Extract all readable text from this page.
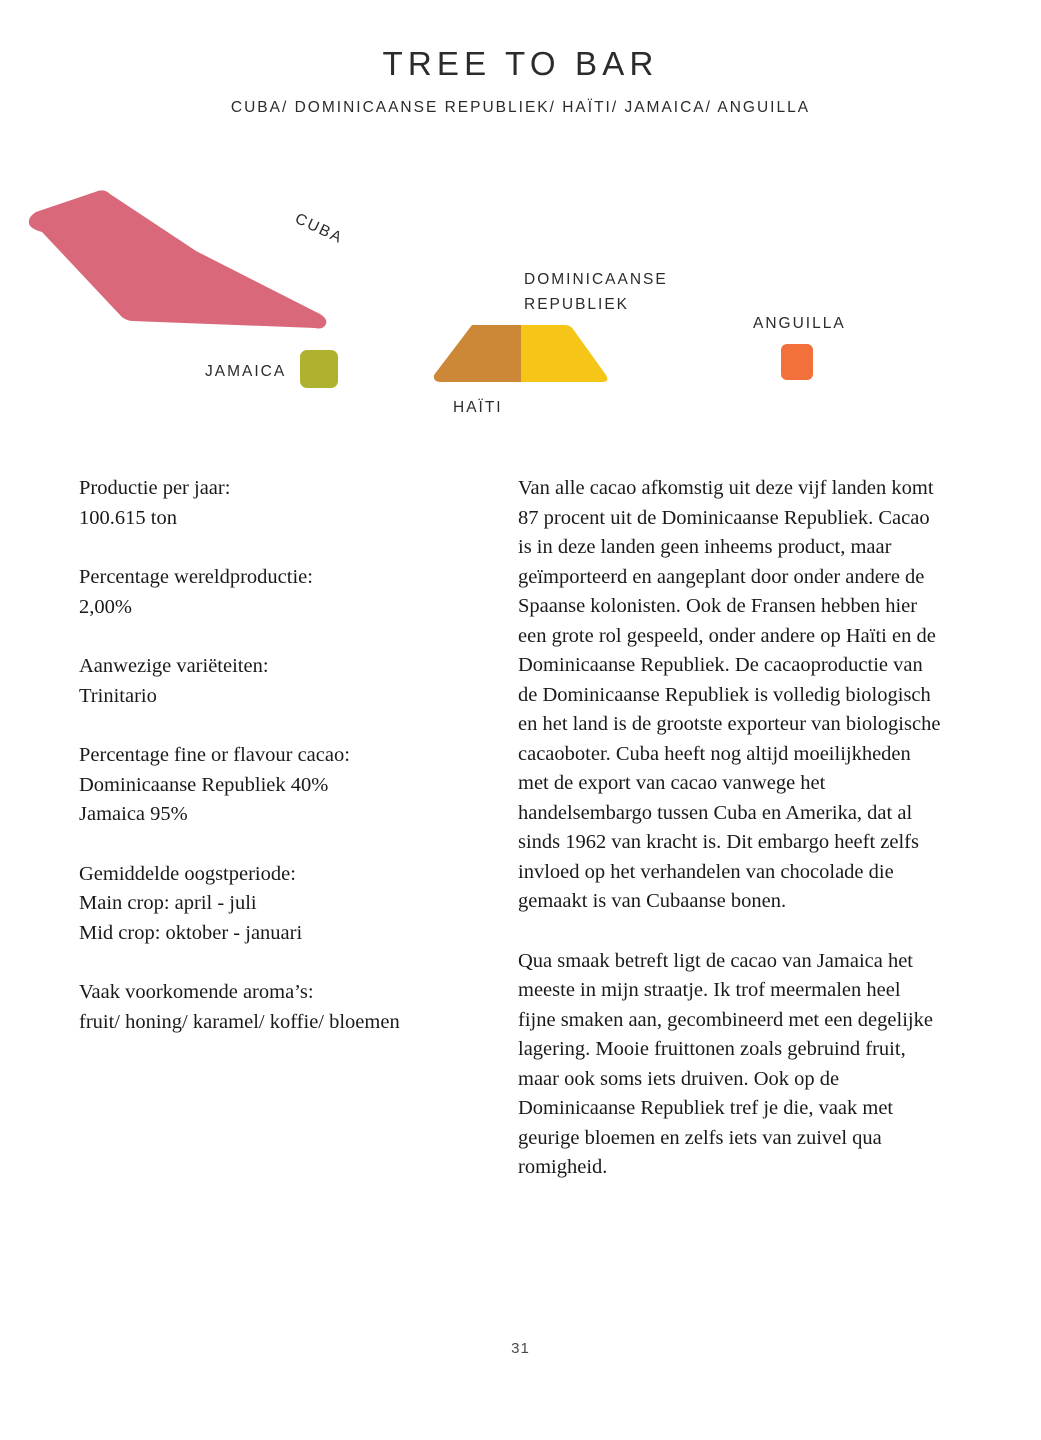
TREE TO BAR
CUBA/ DOMINICAANSE REPUBLIEK/ HAÏTI/ JAMAICA/ ANGUILLA
CUBA
JAMAICA
HAÏTI
DOMINICAANSE
REPUBLIEK
ANGUILLA

Productie per jaar:

100.615 ton

Percentage wereldproductie:

2,00%

Aanwezige variëteiten:

Trinitario

Percentage fine or flavour cacao:

Dominicaanse Republiek 40%

Jamaica 95%

Gemiddelde oogstperiode:

Main crop: april - juli

Mid crop: oktober - januari

Vaak voorkomende aroma’s:

fruit/ honing/ karamel/ koffie/ bloemen

Van alle cacao afkomstig uit deze vijf landen komt 87 procent uit de Dominicaanse Republiek. Cacao is in deze landen geen inheems product, maar geïmporteerd en aangeplant door onder andere de Spaanse kolonisten. Ook de Fransen hebben hier een grote rol gespeeld, onder andere op Haïti en de Dominicaanse Republiek. De cacaoproductie van de Dominicaanse Republiek is volledig biologisch en het land is de grootste exporteur van biologische cacaoboter. Cuba heeft nog altijd moeilijkheden met de export van cacao vanwege het handelsembargo tussen Cuba en Amerika, dat al sinds 1962 van kracht is. Dit embargo heeft zelfs invloed op het verhandelen van chocolade die gemaakt is van Cubaanse bonen.

Qua smaak betreft ligt de cacao van Jamaica het meeste in mijn straatje. Ik trof meermalen heel fijne smaken aan, gecombineerd met een degelijke lagering. Mooie fruittonen zoals gebruind fruit, maar ook soms iets druiven. Ook op de Dominicaanse Republiek tref je die, vaak met geurige bloemen en zelfs iets van zuivel qua romigheid.

31
